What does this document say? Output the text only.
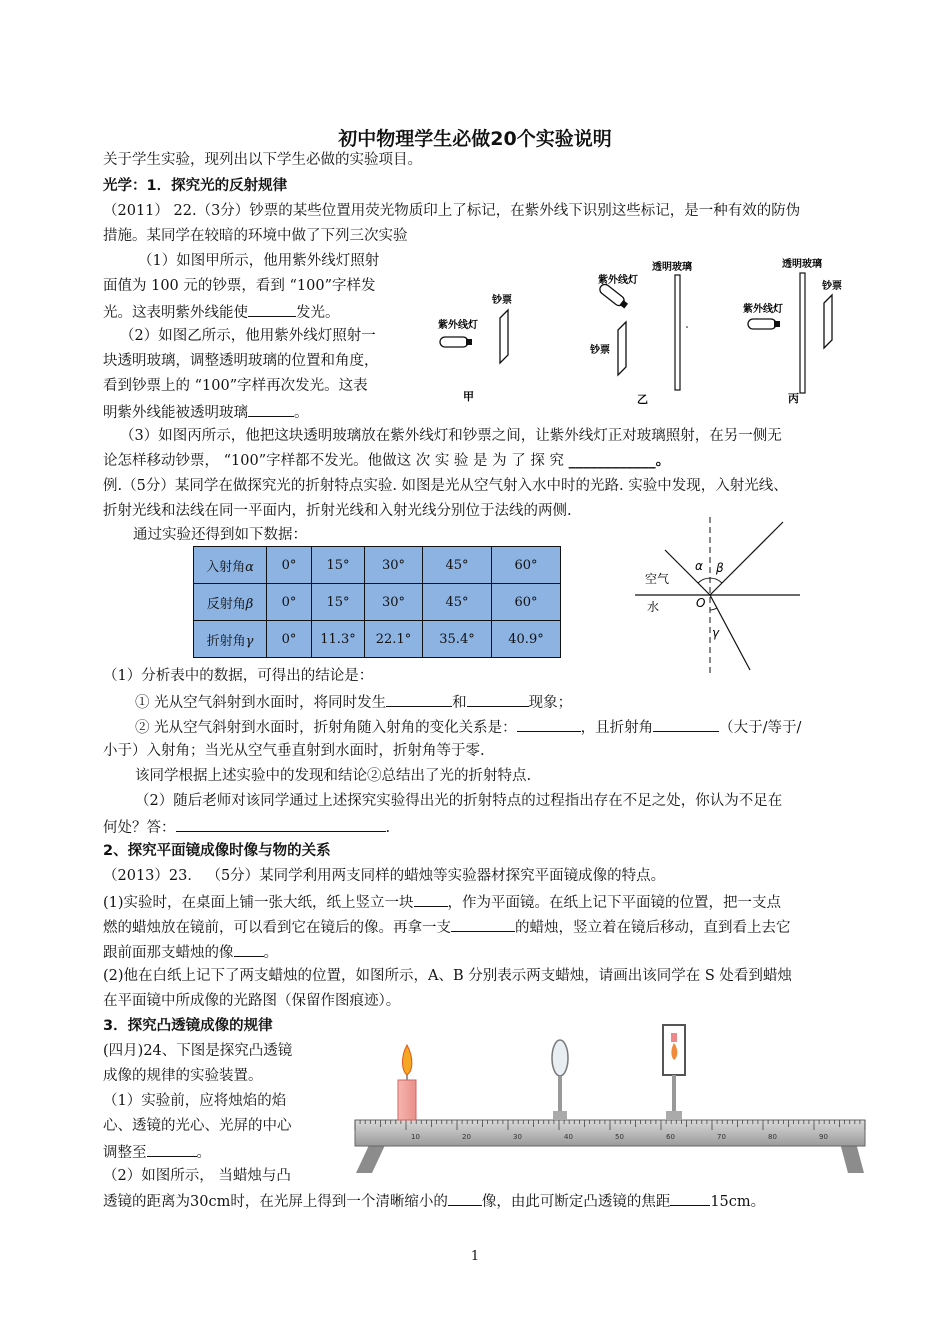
初中物理学生必做20个实验说明
关于学生实验，现列出以下学生必做的实验项目。
光学：1．探究光的反射规律
（2011） 22.（3分）钞票的某些位置用荧光物质印上了标记，在紫外线下识别这些标记，是一种有效的防伪
措施。某同学在较暗的环境中做了下列三次实验
（1）如图甲所示，他用紫外线灯照射
面值为 100 元的钞票，看到 “100”字样发
光。这表明紫外线能使	发光。
（2）如图乙所示，他用紫外线灯照射一
块透明玻璃，调整透明玻璃的位置和角度，
看到钞票上的 “100”字样再次发光。这表
明紫外线能被透明玻璃	。
紫外线灯
钞票
甲
紫外线灯
透明玻璃
钞票
乙
透明玻璃
紫外线灯
钞票
丙
（3）如图丙所示，他把这块透明玻璃放在紫外线灯和钞票之间，让紫外线灯正对玻璃照射，在另一侧无
论怎样移动钞票， “100”字样都不发光。他做这 次 实 验 是 为 了 探 究 ____________。
例.（5分）某同学在做探究光的折射特点实验. 如图是光从空气射入水中时的光路. 实验中发现，入射光线、
折射光线和法线在同一平面内，折射光线和入射光线分别位于法线的两侧.
通过实验还得到如下数据：
入射角α	0°	15°	30°	45°	60°
反射角β	0°	15°	30°	45°	60°
折射角γ	0°	11.3°	22.1°	35.4°	40.9°
α β
γ
O
空气
水
（1）分析表中的数据，可得出的结论是：
① 光从空气斜射到水面时，将同时发生	和	现象；
② 光从空气斜射到水面时，折射角随入射角的变化关系是：	，且折射角	（大于/等于/
小于）入射角；当光从空气垂直射到水面时，折射角等于零.
该同学根据上述实验中的发现和结论②总结出了光的折射特点.
（2）随后老师对该同学通过上述探究实验得出光的折射特点的过程指出存在不足之处，你认为不足在
何处？答：	.
2、探究平面镜成像时像与物的关系
（2013）23． （5分）某同学利用两支同样的蜡烛等实验器材探究平面镜成像的特点。
(1)实验时，在桌面上铺一张大纸，纸上竖立一块 ，作为平面镜。在纸上记下平面镜的位置，把一支点
燃的蜡烛放在镜前，可以看到它在镜后的像。再拿一支	的蜡烛，竖立着在镜后移动，直到看上去它
跟前面那支蜡烛的像 。
(2)他在白纸上记下了两支蜡烛的位置，如图所示，A、B 分别表示两支蜡烛，请画出该同学在 S 处看到蜡烛
在平面镜中所成像的光路图（保留作图痕迹）。
3．探究凸透镜成像的规律
(四月)24、下图是探究凸透镜
成像的规律的实验装置。
（1）实验前，应将烛焰的焰
心、透镜的光心、光屏的中心
调整至	。
（2）如图所示， 当蜡烛与凸
透镜的距离为30cm时，在光屏上得到一个清晰缩小的 像，由此可断定凸透镜的焦距	15cm。
10	20	30	40	50	60	70	80	90
1
